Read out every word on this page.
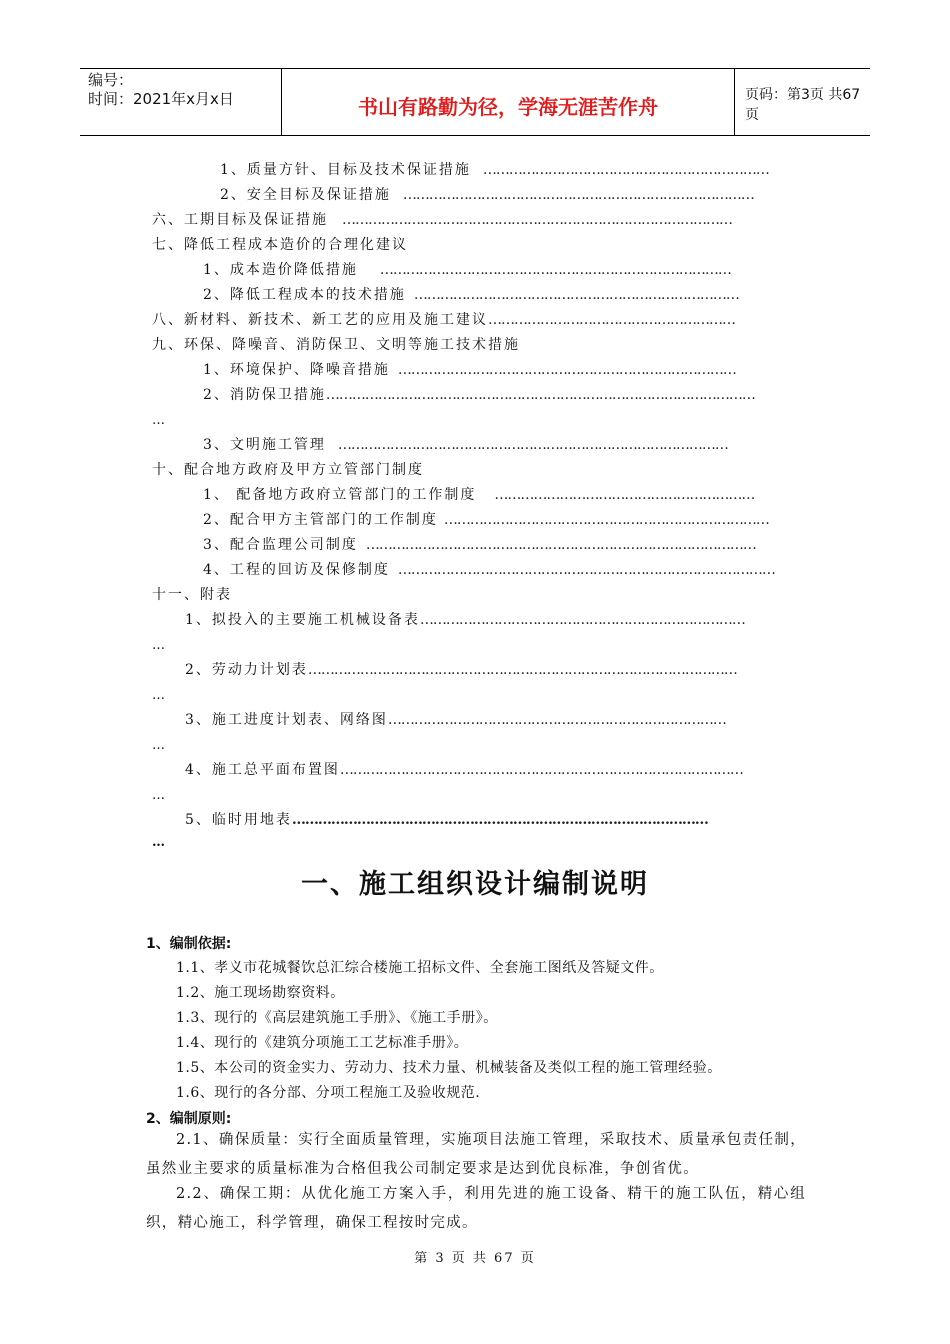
编号：
时间：2021年x月x日	书山有路勤为径，学海无涯苦作舟	页码：第3页 共67页
1、质量方针、目标及技术保证措施 …………………………………………………………
2、安全目标及保证措施 ………………………………………………………………………
六、工期目标及保证措施 ………………………………………………………………………………
七、降低工程成本造价的合理化建议
1、成本造价降低措施 ………………………………………………………………………
2、降低工程成本的技术措施 …………………………………………………………………
八、新材料、新技术、新工艺的应用及施工建议…………………………………………………
九、环保、降噪音、消防保卫、文明等施工技术措施
1、环境保护、降噪音措施 ……………………………………………………………………
2、消防保卫措施………………………………………………………………………………………
…
3、文明施工管理 ………………………………………………………………………………
十、配合地方政府及甲方立管部门制度
1、 配备地方政府立管部门的工作制度 ……………………………………………………
2、配合甲方主管部门的工作制度 …………………………………………………………………
3、配合监理公司制度 ………………………………………………………………………………
4、工程的回访及保修制度 ……………………………………………………………………………
十一、附表
1、拟投入的主要施工机械设备表…………………………………………………………………
…
2、劳动力计划表………………………………………………………………………………………
…
3、施工进度计划表、网络图……………………………………………………………………
…
4、施工总平面布置图…………………………………………………………………………………
…
5、临时用地表……………………………………………………………………………………
…
一、施工组织设计编制说明
1、编制依据:
1.1、孝义市花城餐饮总汇综合楼施工招标文件、全套施工图纸及答疑文件。
1.2、施工现场勘察资料。
1.3、现行的《高层建筑施工手册》、《施工手册》。
1.4、现行的《建筑分项施工工艺标准手册》。
1.5、本公司的资金实力、劳动力、技术力量、机械装备及类似工程的施工管理经验。
1.6、现行的各分部、分项工程施工及验收规范.
2、编制原则:
2.1、确保质量：实行全面质量管理，实施项目法施工管理，采取技术、质量承包责任制，虽然业主要求的质量标准为合格但我公司制定要求是达到优良标准，争创省优。
2.2、确保工期：从优化施工方案入手，利用先进的施工设备、精干的施工队伍，精心组织，精心施工，科学管理，确保工程按时完成。
第 3 页 共 67 页
